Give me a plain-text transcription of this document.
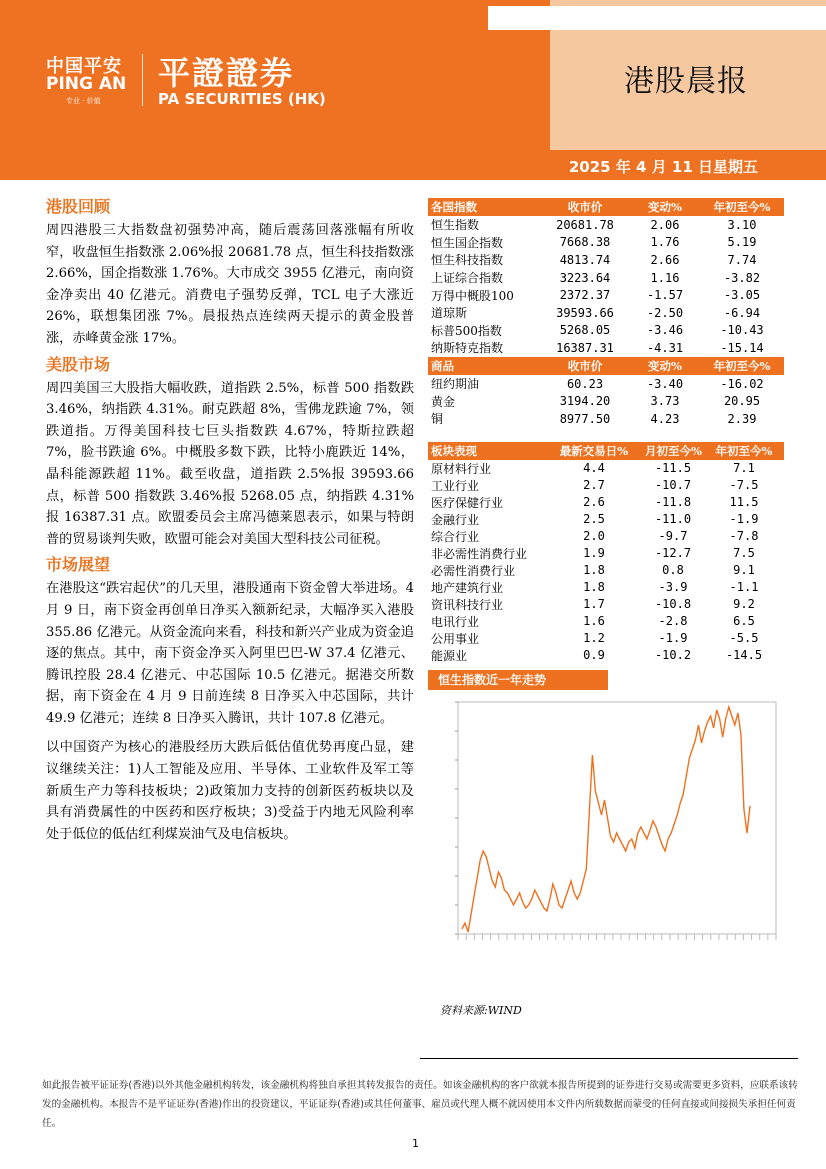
中国平安
PING AN
专业 · 价值
平證證券
PA SECURITIES (HK)	港股晨报
2025 年 4 月 11 日星期五
港股回顾

周四港股三大指数盘初强势冲高，随后震荡回落涨幅有所收窄，收盘恒生指数涨 2.06%报 20681.78 点，恒生科技指数涨 2.66%，国企指数涨 1.76%。大市成交 3955 亿港元，南向资金净卖出 40 亿港元。消费电子强势反弹，TCL 电子大涨近 26%，联想集团涨 7%。晨报热点连续两天提示的黄金股普涨，赤峰黄金涨 17%。

美股市场

周四美国三大股指大幅收跌，道指跌 2.5%，标普 500 指数跌 3.46%，纳指跌 4.31%。耐克跌超 8%，雪佛龙跌逾 7%，领跌道指。万得美国科技七巨头指数跌 4.67%，特斯拉跌超 7%，脸书跌逾 6%。中概股多数下跌，比特小鹿跌近 14%，晶科能源跌超 11%。截至收盘，道指跌 2.5%报 39593.66 点，标普 500 指数跌 3.46%报 5268.05 点，纳指跌 4.31%报 16387.31 点。欧盟委员会主席冯德莱恩表示，如果与特朗普的贸易谈判失败，欧盟可能会对美国大型科技公司征税。

市场展望

在港股这“跌宕起伏”的几天里，港股通南下资金曾大举进场。4 月 9 日，南下资金再创单日净买入额新纪录，大幅净买入港股 355.86 亿港元。从资金流向来看，科技和新兴产业成为资金追逐的焦点。其中，南下资金净买入阿里巴巴-W 37.4 亿港元、腾讯控股 28.4 亿港元、中芯国际 10.5 亿港元。据港交所数据，南下资金在 4 月 9 日前连续 8 日净买入中芯国际，共计 49.9 亿港元；连续 8 日净买入腾讯，共计 107.8 亿港元。

以中国资产为核心的港股经历大跌后低估值优势再度凸显，建议继续关注：1)人工智能及应用、半导体、工业软件及军工等新质生产力等科技板块；2)政策加力支持的创新医药板块以及具有消费属性的中医药和医疗板块；3)受益于内地无风险利率处于低位的低估红利煤炭油气及电信板块。

各国指数	收市价	变动%	年初至今%
恒生指数	20681.78	2.06	3.10
恒生国企指数	7668.38	1.76	5.19
恒生科技指数	4813.74	2.66	7.74
上证综合指数	3223.64	1.16	-3.82
万得中概股100	2372.37	-1.57	-3.05
道琼斯	39593.66	-2.50	-6.94
标普500指数	5268.05	-3.46	-10.43
纳斯特克指数	16387.31	-4.31	-15.14
商品	收市价	变动%	年初至今%
纽约期油	60.23	-3.40	-16.02
黄金	3194.20	3.73	20.95
铜	8977.50	4.23	2.39
板块表现	最新交易日%	月初至今%	年初至今%
原材料行业	4.4	-11.5	7.1
工业行业	2.7	-10.7	-7.5
医疗保健行业	2.6	-11.8	11.5
金融行业	2.5	-11.0	-1.9
综合行业	2.0	-9.7	-7.8
非必需性消费行业	1.9	-12.7	7.5
必需性消费行业	1.8	0.8	9.1
地产建筑行业	1.8	-3.9	-1.1
资讯科技行业	1.7	-10.8	9.2
电讯行业	1.6	-2.8	6.5
公用事业	1.2	-1.9	-5.5
能源业	0.9	-10.2	-14.5
恒生指数近一年走势
资料来源:WIND
如此报告被平证证券(香港)以外其他金融机构转发，该金融机构将独自承担其转发报告的责任。如该金融机构的客户欲就本报告所提到的证券进行交易或需要更多资料，应联系该转发的金融机构。本报告不是平证证券(香港)作出的投资建议，平证证券(香港)或其任何董事、雇员或代理人概不就因使用本文件内所载数据而蒙受的任何直接或间接损失承担任何责任。
1
